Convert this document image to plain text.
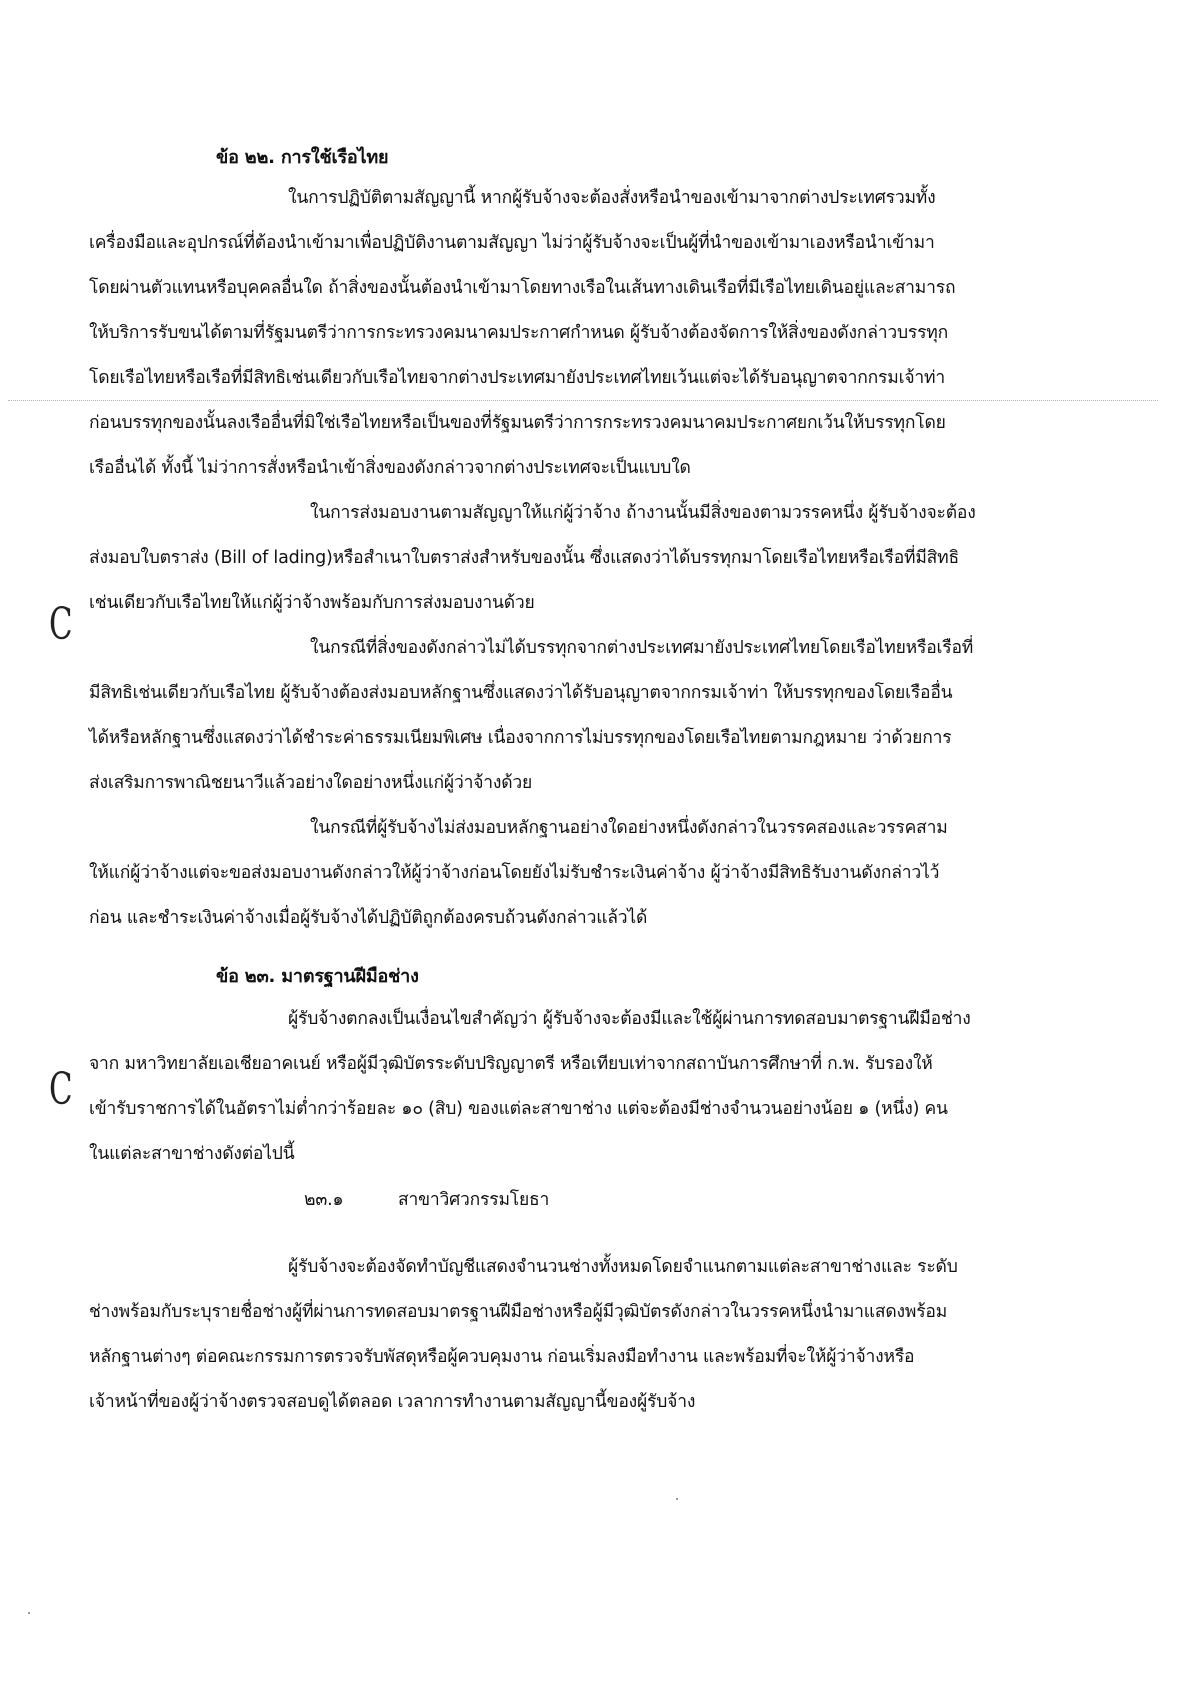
ข้อ ๒๒. การใช้เรือไทย
ในการปฏิบัติตามสัญญานี้ หากผู้รับจ้างจะต้องสั่งหรือนำของเข้ามาจากต่างประเทศรวมทั้ง
เครื่องมือและอุปกรณ์ที่ต้องนำเข้ามาเพื่อปฏิบัติงานตามสัญญา ไม่ว่าผู้รับจ้างจะเป็นผู้ที่นำของเข้ามาเองหรือนำเข้ามา
โดยผ่านตัวแทนหรือบุคคลอื่นใด ถ้าสิ่งของนั้นต้องนำเข้ามาโดยทางเรือในเส้นทางเดินเรือที่มีเรือไทยเดินอยู่และสามารถ
ให้บริการรับขนได้ตามที่รัฐมนตรีว่าการกระทรวงคมนาคมประกาศกำหนด ผู้รับจ้างต้องจัดการให้สิ่งของดังกล่าวบรรทุก
โดยเรือไทยหรือเรือที่มีสิทธิเช่นเดียวกับเรือไทยจากต่างประเทศมายังประเทศไทยเว้นแต่จะได้รับอนุญาตจากกรมเจ้าท่า
ก่อนบรรทุกของนั้นลงเรืออื่นที่มิใช่เรือไทยหรือเป็นของที่รัฐมนตรีว่าการกระทรวงคมนาคมประกาศยกเว้นให้บรรทุกโดย
เรืออื่นได้ ทั้งนี้ ไม่ว่าการสั่งหรือนำเข้าสิ่งของดังกล่าวจากต่างประเทศจะเป็นแบบใด
ในการส่งมอบงานตามสัญญาให้แก่ผู้ว่าจ้าง ถ้างานนั้นมีสิ่งของตามวรรคหนึ่ง ผู้รับจ้างจะต้อง
ส่งมอบใบตราส่ง (Bill of lading)หรือสำเนาใบตราส่งสำหรับของนั้น ซึ่งแสดงว่าได้บรรทุกมาโดยเรือไทยหรือเรือที่มีสิทธิ
เช่นเดียวกับเรือไทยให้แก่ผู้ว่าจ้างพร้อมกับการส่งมอบงานด้วย
ในกรณีที่สิ่งของดังกล่าวไม่ได้บรรทุกจากต่างประเทศมายังประเทศไทยโดยเรือไทยหรือเรือที่
มีสิทธิเช่นเดียวกับเรือไทย ผู้รับจ้างต้องส่งมอบหลักฐานซึ่งแสดงว่าได้รับอนุญาตจากกรมเจ้าท่า ให้บรรทุกของโดยเรืออื่น
ได้หรือหลักฐานซึ่งแสดงว่าได้ชำระค่าธรรมเนียมพิเศษ เนื่องจากการไม่บรรทุกของโดยเรือไทยตามกฎหมาย ว่าด้วยการ
ส่งเสริมการพาณิชยนาวีแล้วอย่างใดอย่างหนึ่งแก่ผู้ว่าจ้างด้วย
ในกรณีที่ผู้รับจ้างไม่ส่งมอบหลักฐานอย่างใดอย่างหนึ่งดังกล่าวในวรรคสองและวรรคสาม
ให้แก่ผู้ว่าจ้างแต่จะขอส่งมอบงานดังกล่าวให้ผู้ว่าจ้างก่อนโดยยังไม่รับชำระเงินค่าจ้าง ผู้ว่าจ้างมีสิทธิรับงานดังกล่าวไว้
ก่อน และชำระเงินค่าจ้างเมื่อผู้รับจ้างได้ปฏิบัติถูกต้องครบถ้วนดังกล่าวแล้วได้
ข้อ ๒๓. มาตรฐานฝีมือช่าง
ผู้รับจ้างตกลงเป็นเงื่อนไขสำคัญว่า ผู้รับจ้างจะต้องมีและใช้ผู้ผ่านการทดสอบมาตรฐานฝีมือช่าง
จาก มหาวิทยาลัยเอเชียอาคเนย์ หรือผู้มีวุฒิบัตรระดับปริญญาตรี หรือเทียบเท่าจากสถาบันการศึกษาที่ ก.พ. รับรองให้
เข้ารับราชการได้ในอัตราไม่ต่ำกว่าร้อยละ ๑๐ (สิบ) ของแต่ละสาขาช่าง แต่จะต้องมีช่างจำนวนอย่างน้อย ๑ (หนึ่ง) คน
ในแต่ละสาขาช่างดังต่อไปนี้
๒๓.๑	สาขาวิศวกรรมโยธา
ผู้รับจ้างจะต้องจัดทำบัญชีแสดงจำนวนช่างทั้งหมดโดยจำแนกตามแต่ละสาขาช่างและ ระดับ
ช่างพร้อมกับระบุรายชื่อช่างผู้ที่ผ่านการทดสอบมาตรฐานฝีมือช่างหรือผู้มีวุฒิบัตรดังกล่าวในวรรคหนึ่งนำมาแสดงพร้อม
หลักฐานต่างๆ ต่อคณะกรรมการตรวจรับพัสดุหรือผู้ควบคุมงาน ก่อนเริ่มลงมือทำงาน และพร้อมที่จะให้ผู้ว่าจ้างหรือ
เจ้าหน้าที่ของผู้ว่าจ้างตรวจสอบดูได้ตลอด เวลาการทำงานตามสัญญานี้ของผู้รับจ้าง
C
C
